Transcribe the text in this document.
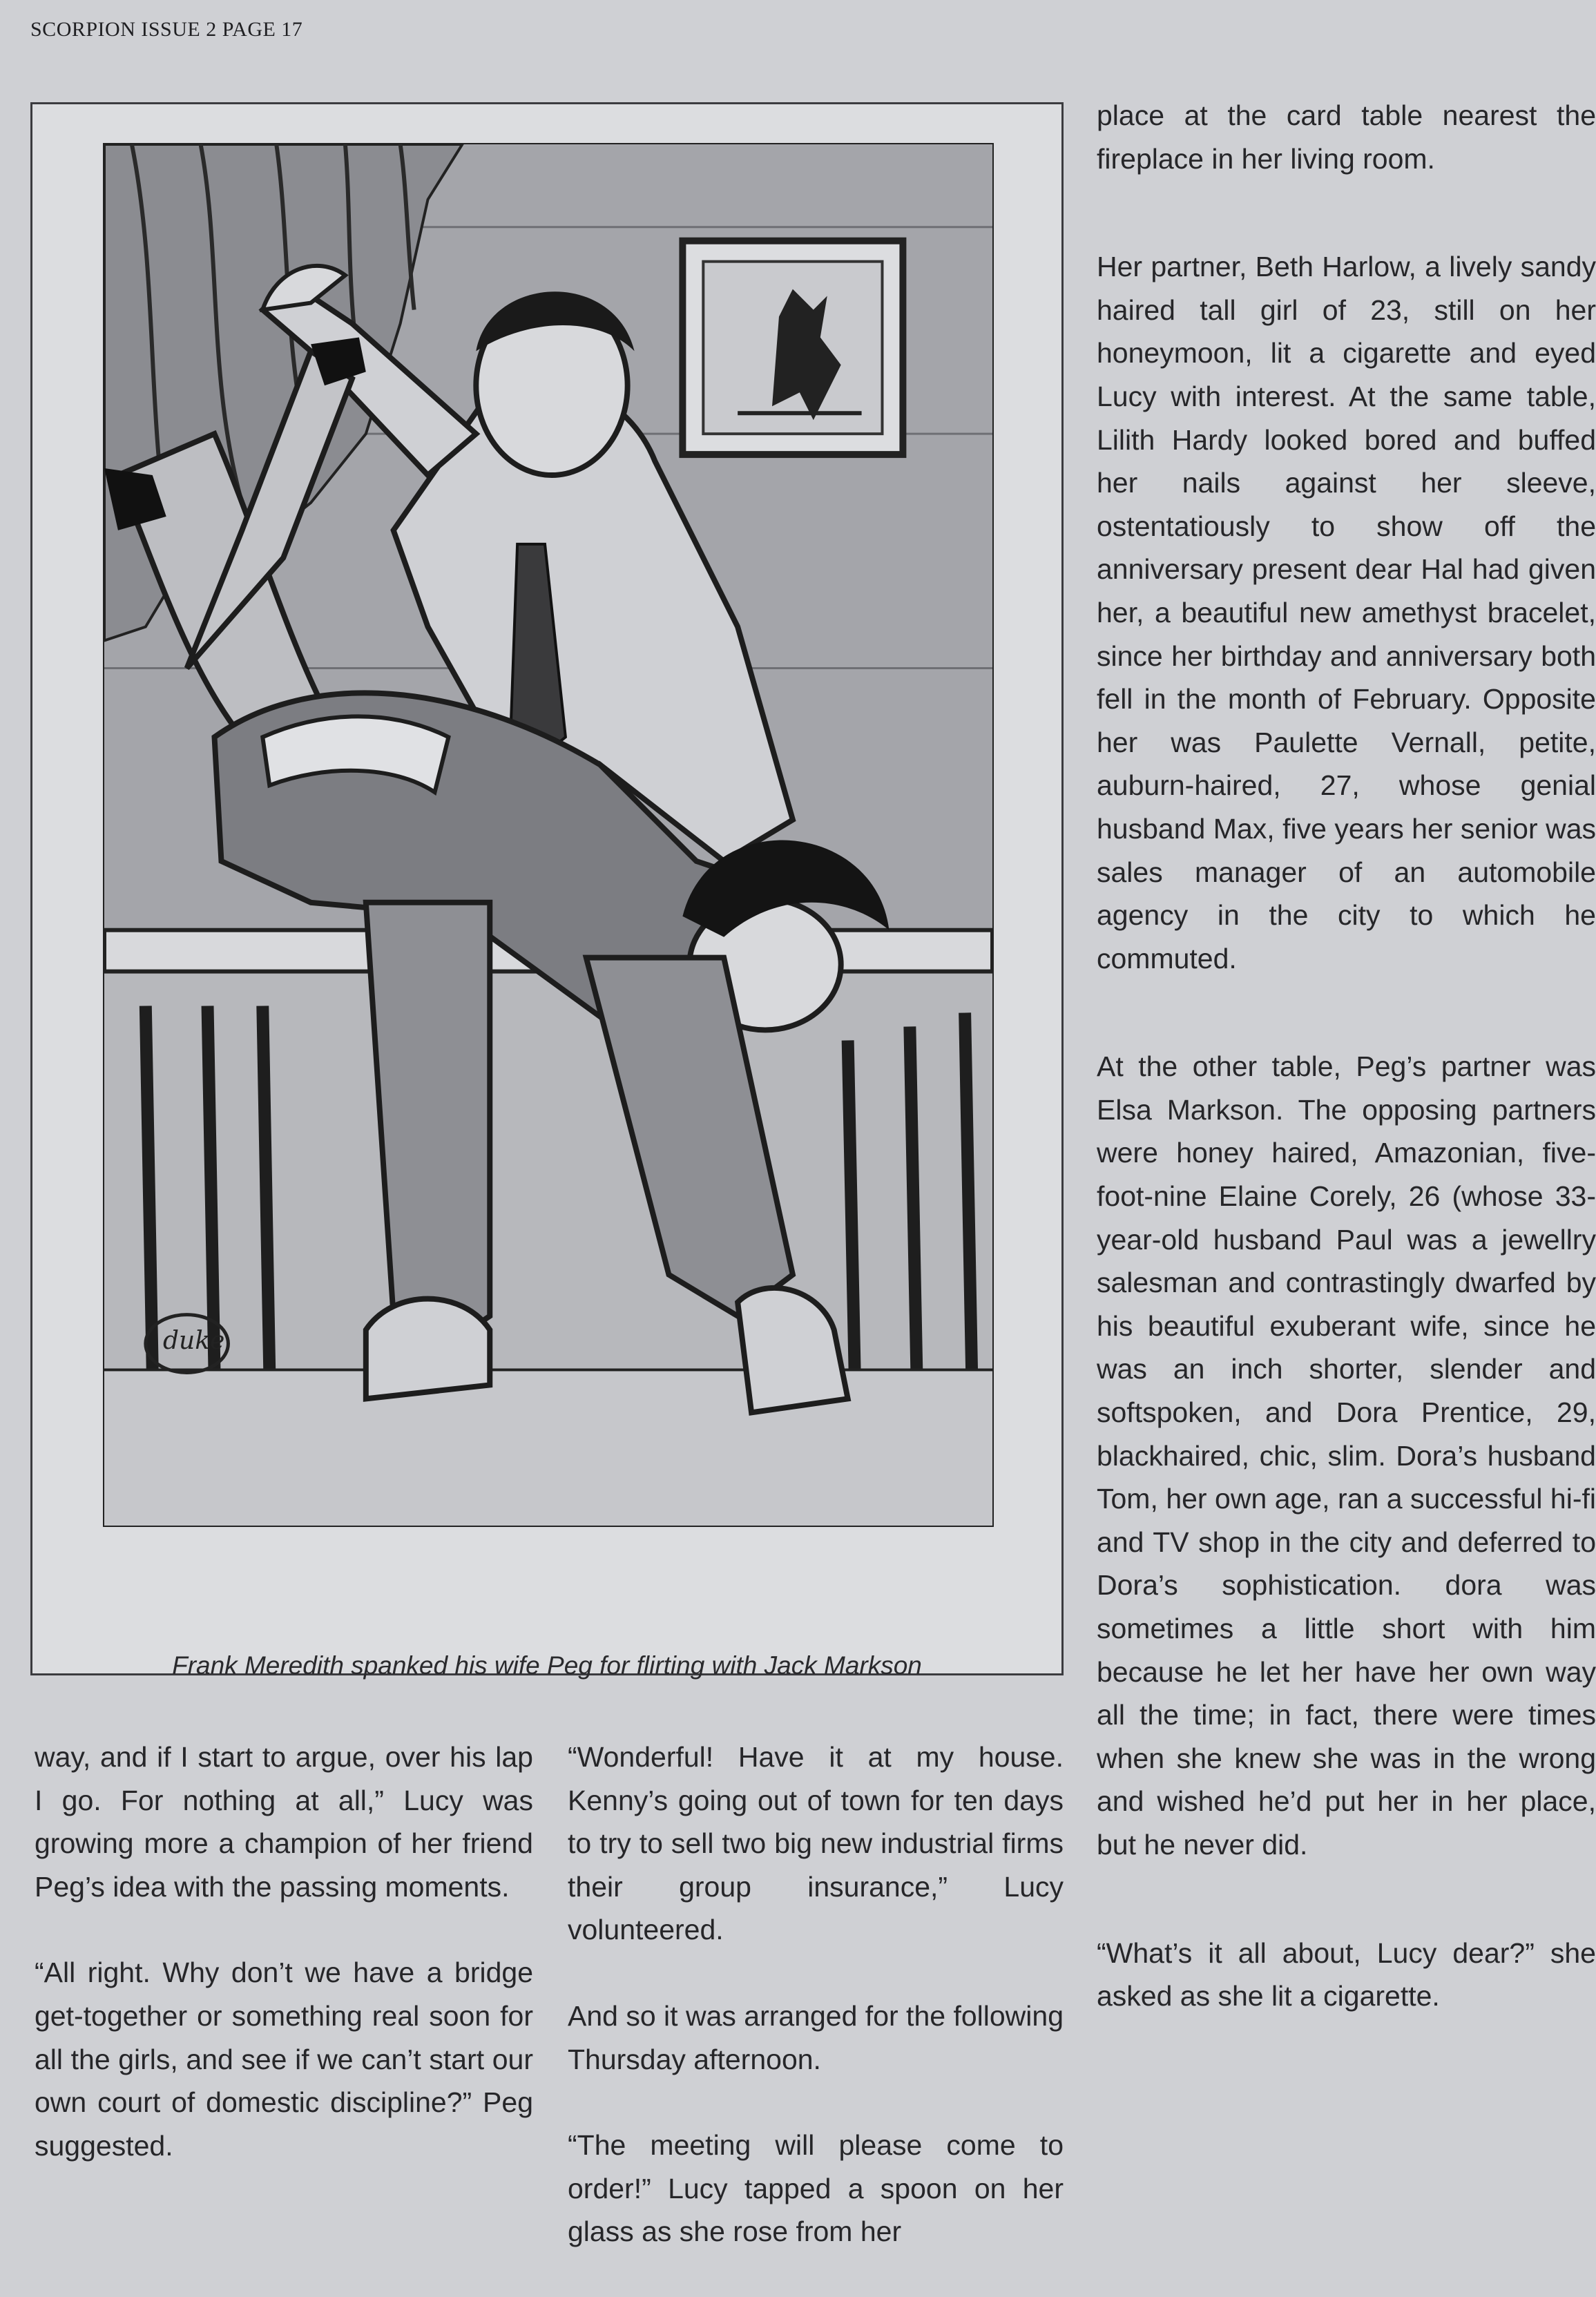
SCORPION ISSUE 2 PAGE 17
duke
Frank Meredith spanked his wife Peg for flirting with Jack Markson

way, and if I start to argue, over his lap I go. For nothing at all,” Lucy was growing more a champion of her friend Peg’s idea with the passing moments.

“All right. Why don’t we have a bridge get-together or something real soon for all the girls, and see if we can’t start our own court of domestic discipline?” Peg suggested.

“Wonderful! Have it at my house. Kenny’s going out of town for ten days to try to sell two big new industrial firms their group insurance,” Lucy volunteered.

And so it was arranged for the following Thursday afternoon.

“The meeting will please come to order!” Lucy tapped a spoon on her glass as she rose from her

place at the card table nearest the fireplace in her living room.

Her partner, Beth Harlow, a lively sandy haired tall girl of 23, still on her honeymoon, lit a cigarette and eyed Lucy with interest. At the same table, Lilith Hardy looked bored and buffed her nails against her sleeve, ostentatiously to show off the anniversary present dear Hal had given her, a beautiful new amethyst bracelet, since her birthday and anniversary both fell in the month of February. Opposite her was Paulette Vernall, petite, auburn-haired, 27, whose genial husband Max, five years her senior was sales manager of an automobile agency in the city to which he commuted.

At the other table, Peg’s partner was Elsa Markson. The opposing partners were honey haired, Amazonian, five-foot-nine Elaine Corely, 26 (whose 33-year-old husband Paul was a jewellry salesman and contrastingly dwarfed by his beautiful exuberant wife, since he was an inch shorter, slender and softspoken, and Dora Prentice, 29, blackhaired, chic, slim. Dora’s husband Tom, her own age, ran a successful hi-fi and TV shop in the city and deferred to Dora’s sophistication. dora was sometimes a little short with him because he let her have her own way all the time; in fact, there were times when she knew she was in the wrong and wished he’d put her in her place, but he never did.

“What’s it all about, Lucy dear?” she asked as she lit a cigarette.
